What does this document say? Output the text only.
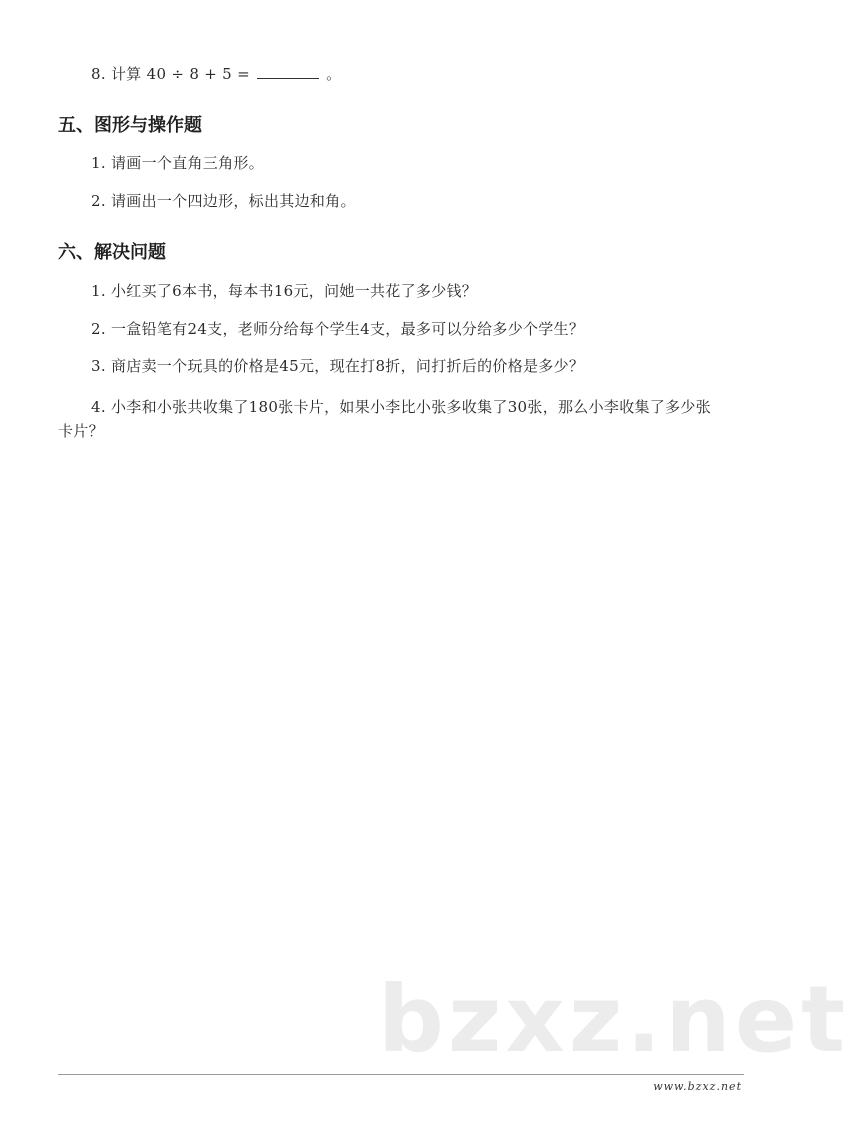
8. 计算 40 ÷ 8 + 5 =	。
五、图形与操作题
1. 请画一个直角三角形。
2. 请画出一个四边形，标出其边和角。
六、解决问题
1. 小红买了6本书，每本书16元，问她一共花了多少钱？
2. 一盒铅笔有24支，老师分给每个学生4支，最多可以分给多少个学生？
3. 商店卖一个玩具的价格是45元，现在打8折，问打折后的价格是多少？
4. 小李和小张共收集了180张卡片，如果小李比小张多收集了30张，那么小李收集了多少张
卡片？
bzxz.net
www.bzxz.net
